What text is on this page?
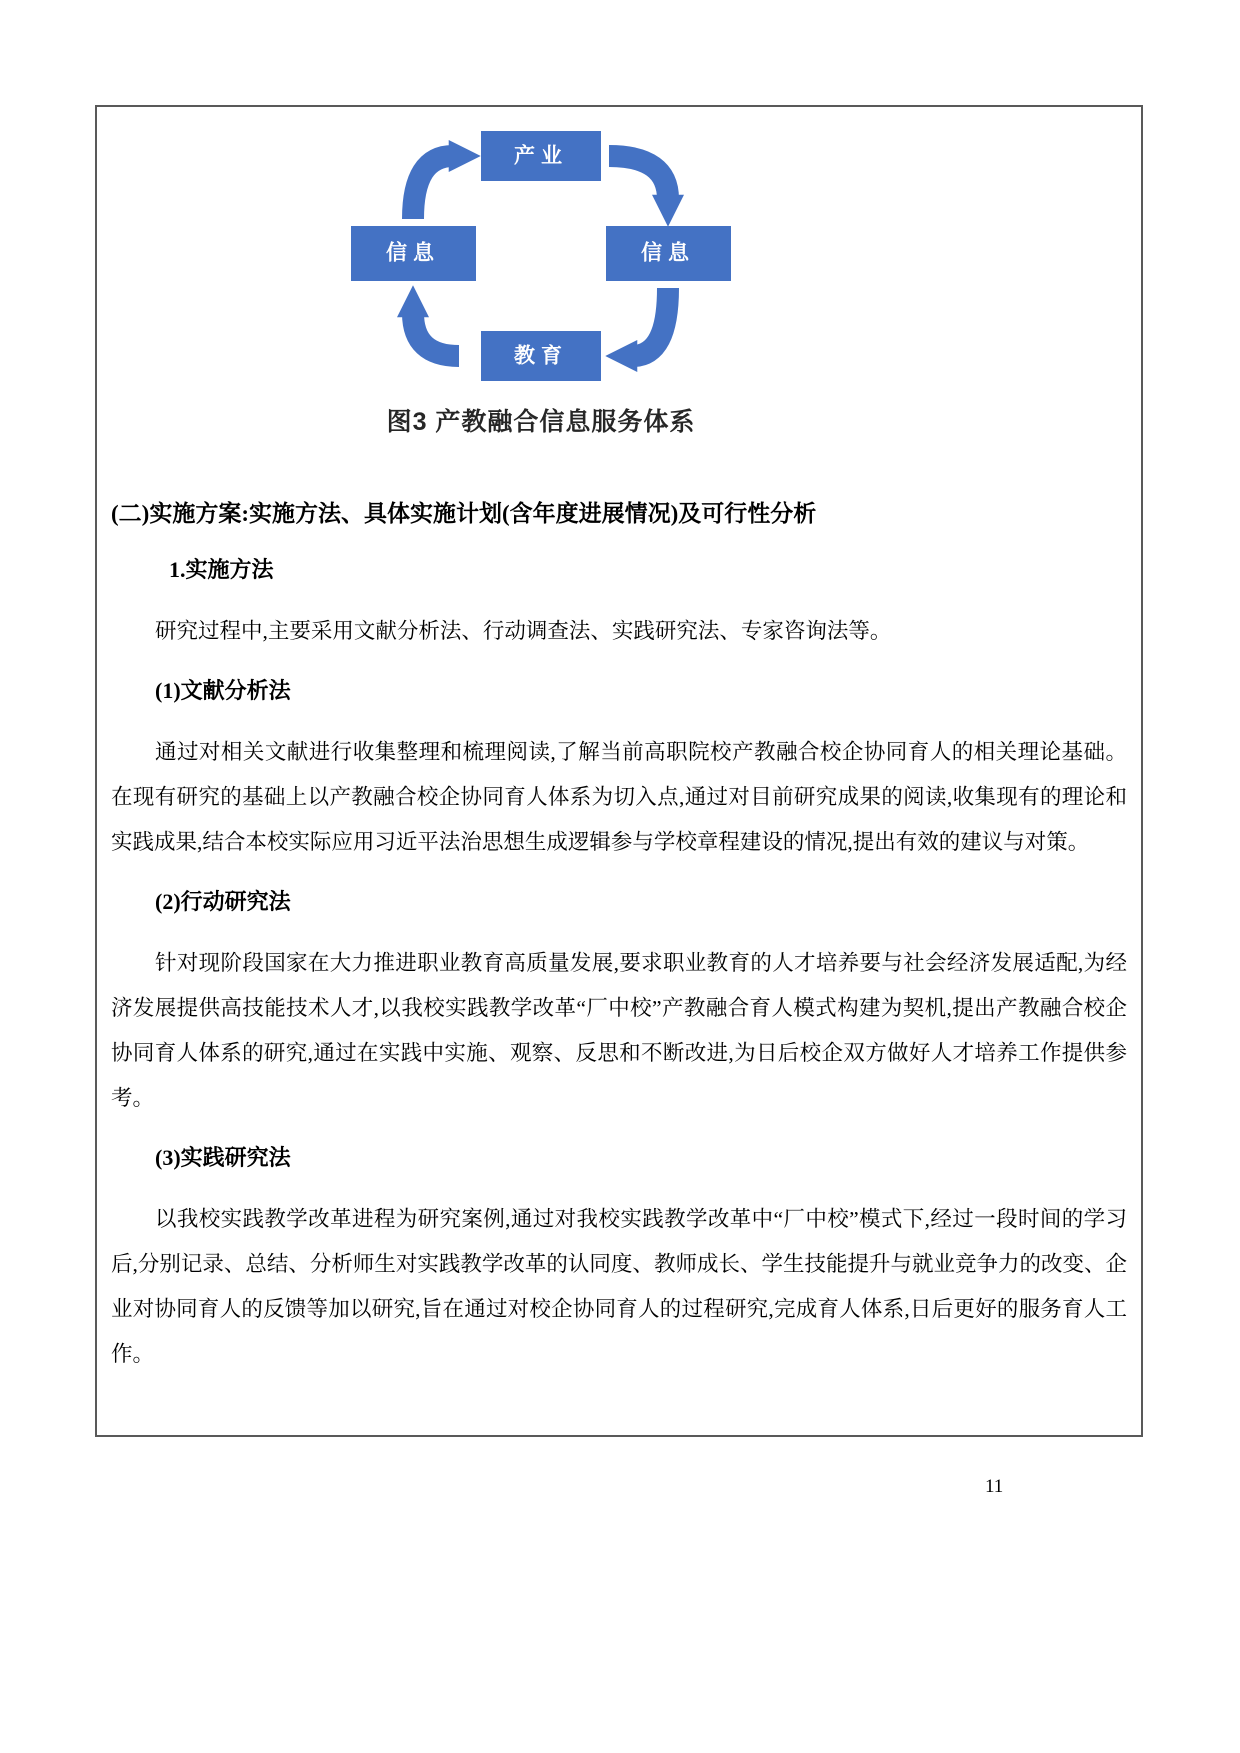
产业
信息	信息
教育
图3 产教融合信息服务体系

(二)实施方案:实施方法、具体实施计划(含年度进展情况)及可行性分析

1.实施方法

研究过程中,主要采用文献分析法、行动调查法、实践研究法、专家咨询法等。

(1)文献分析法

通过对相关文献进行收集整理和梳理阅读,了解当前高职院校产教融合校企协同育人的相关理论基础。在现有研究的基础上以产教融合校企协同育人体系为切入点,通过对目前研究成果的阅读,收集现有的理论和实践成果,结合本校实际应用习近平法治思想生成逻辑参与学校章程建设的情况,提出有效的建议与对策。

(2)行动研究法

针对现阶段国家在大力推进职业教育高质量发展,要求职业教育的人才培养要与社会经济发展适配,为经济发展提供高技能技术人才,以我校实践教学改革“厂中校”产教融合育人模式构建为契机,提出产教融合校企协同育人体系的研究,通过在实践中实施、观察、反思和不断改进,为日后校企双方做好人才培养工作提供参考。

(3)实践研究法

以我校实践教学改革进程为研究案例,通过对我校实践教学改革中“厂中校”模式下,经过一段时间的学习后,分别记录、总结、分析师生对实践教学改革的认同度、教师成长、学生技能提升与就业竞争力的改变、企业对协同育人的反馈等加以研究,旨在通过对校企协同育人的过程研究,完成育人体系,日后更好的服务育人工作。

11
